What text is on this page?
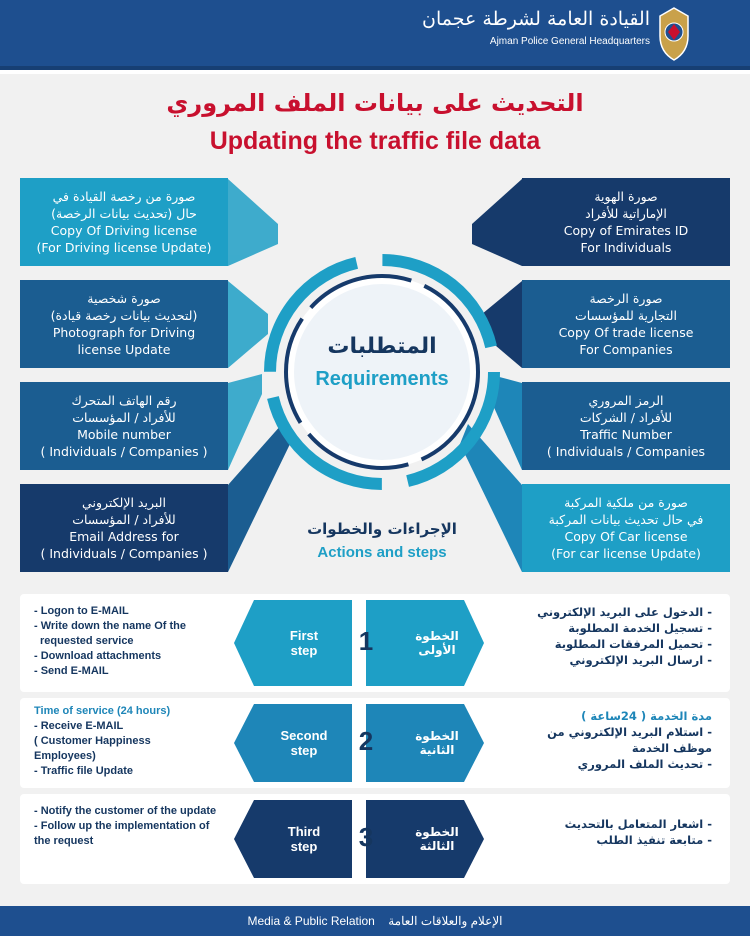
القيادة العامة لشرطة عجمان
Ajman Police General Headquarters
التحديث على بيانات الملف المروري
Updating the traffic file data
صورة من رخصة القيادة في
حال (تحديث بيانات الرخصة)
Copy Of Driving license
(For Driving license Update)
صورة شخصية
(لتحديث بيانات رخصة قيادة)
Photograph for Driving
license Update
رقم الهاتف المتحرك
للأفراد / المؤسسات
Mobile number
( Individuals / Companies )
البريد الإلكتروني
للأفراد / المؤسسات
Email Address for
( Individuals / Companies )
صورة الهوية
الإماراتية للأفراد
Copy of Emirates ID
For Individuals
صورة الرخصة
التجارية للمؤسسات
Copy Of trade license
For Companies
الرمز المروري
للأفراد / الشركات
Traffic Number
( Individuals / Companies
صورة من ملكية المركبة
في حال تحديث بيانات المركبة
Copy Of Car license
(For car license Update)
المتطلبات
Requirements
الإجراءات والخطوات
Actions and steps
- Logon to E-MAIL
- Write down the name Of the
requested service
- Download attachments
- Send E-MAIL
First
step 1	الخطوة
الأولى
- الدخول على البريد الإلكتروني
- تسجيل الخدمة المطلوبة
- تحميل المرفقات المطلوبة
- ارسال البريد الإلكتروني
Time of service (24 hours)
- Receive E-MAIL
( Customer Happiness
Employees)
- Traffic file Update
Second
step 2	الخطوة
الثانية
مدة الخدمة ( 24ساعة )
- استلام البريد الإلكتروني من
موظف الخدمة
- تحديث الملف المروري
- Notify the customer of the update
- Follow up the implementation of
the request
Third
step 3	الخطوة
الثالثة
- اشعار المتعامل بالتحديث
- متابعة تنفيذ الطلب
Media & Public Relation الإعلام والعلاقات العامة
